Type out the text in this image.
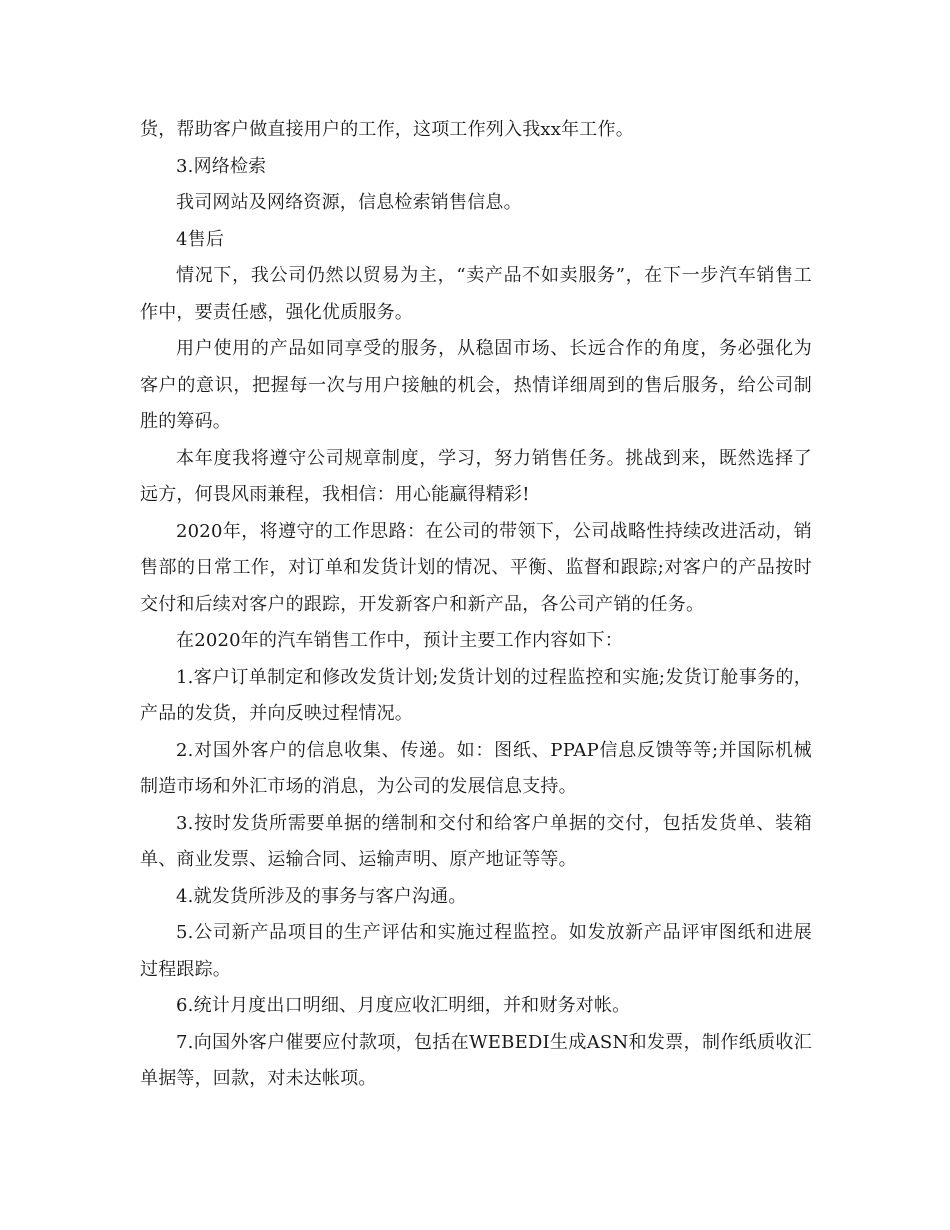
货，帮助客户做直接用户的工作，这项工作列入我xx年工作。

3.网络检索

我司网站及网络资源，信息检索销售信息。

4售后

情况下，我公司仍然以贸易为主，“卖产品不如卖服务”，在下一步汽车销售工作中，要责任感，强化优质服务。

用户使用的产品如同享受的服务，从稳固市场、长远合作的角度，务必强化为客户的意识，把握每一次与用户接触的机会，热情详细周到的售后服务，给公司制胜的筹码。

本年度我将遵守公司规章制度，学习，努力销售任务。挑战到来，既然选择了远方，何畏风雨兼程，我相信：用心能赢得精彩!

2020年，将遵守的工作思路：在公司的带领下，公司战略性持续改进活动，销售部的日常工作，对订单和发货计划的情况、平衡、监督和跟踪;对客户的产品按时交付和后续对客户的跟踪，开发新客户和新产品，各公司产销的任务。

在2020年的汽车销售工作中，预计主要工作内容如下：

1.客户订单制定和修改发货计划;发货计划的过程监控和实施;发货订舱事务的，产品的发货，并向反映过程情况。

2.对国外客户的信息收集、传递。如：图纸、PPAP信息反馈等等;并国际机械制造市场和外汇市场的消息，为公司的发展信息支持。

3.按时发货所需要单据的缮制和交付和给客户单据的交付，包括发货单、装箱单、商业发票、运输合同、运输声明、原产地证等等。

4.就发货所涉及的事务与客户沟通。

5.公司新产品项目的生产评估和实施过程监控。如发放新产品评审图纸和进展过程跟踪。

6.统计月度出口明细、月度应收汇明细，并和财务对帐。

7.向国外客户催要应付款项，包括在WEBEDI生成ASN和发票，制作纸质收汇单据等，回款，对未达帐项。
